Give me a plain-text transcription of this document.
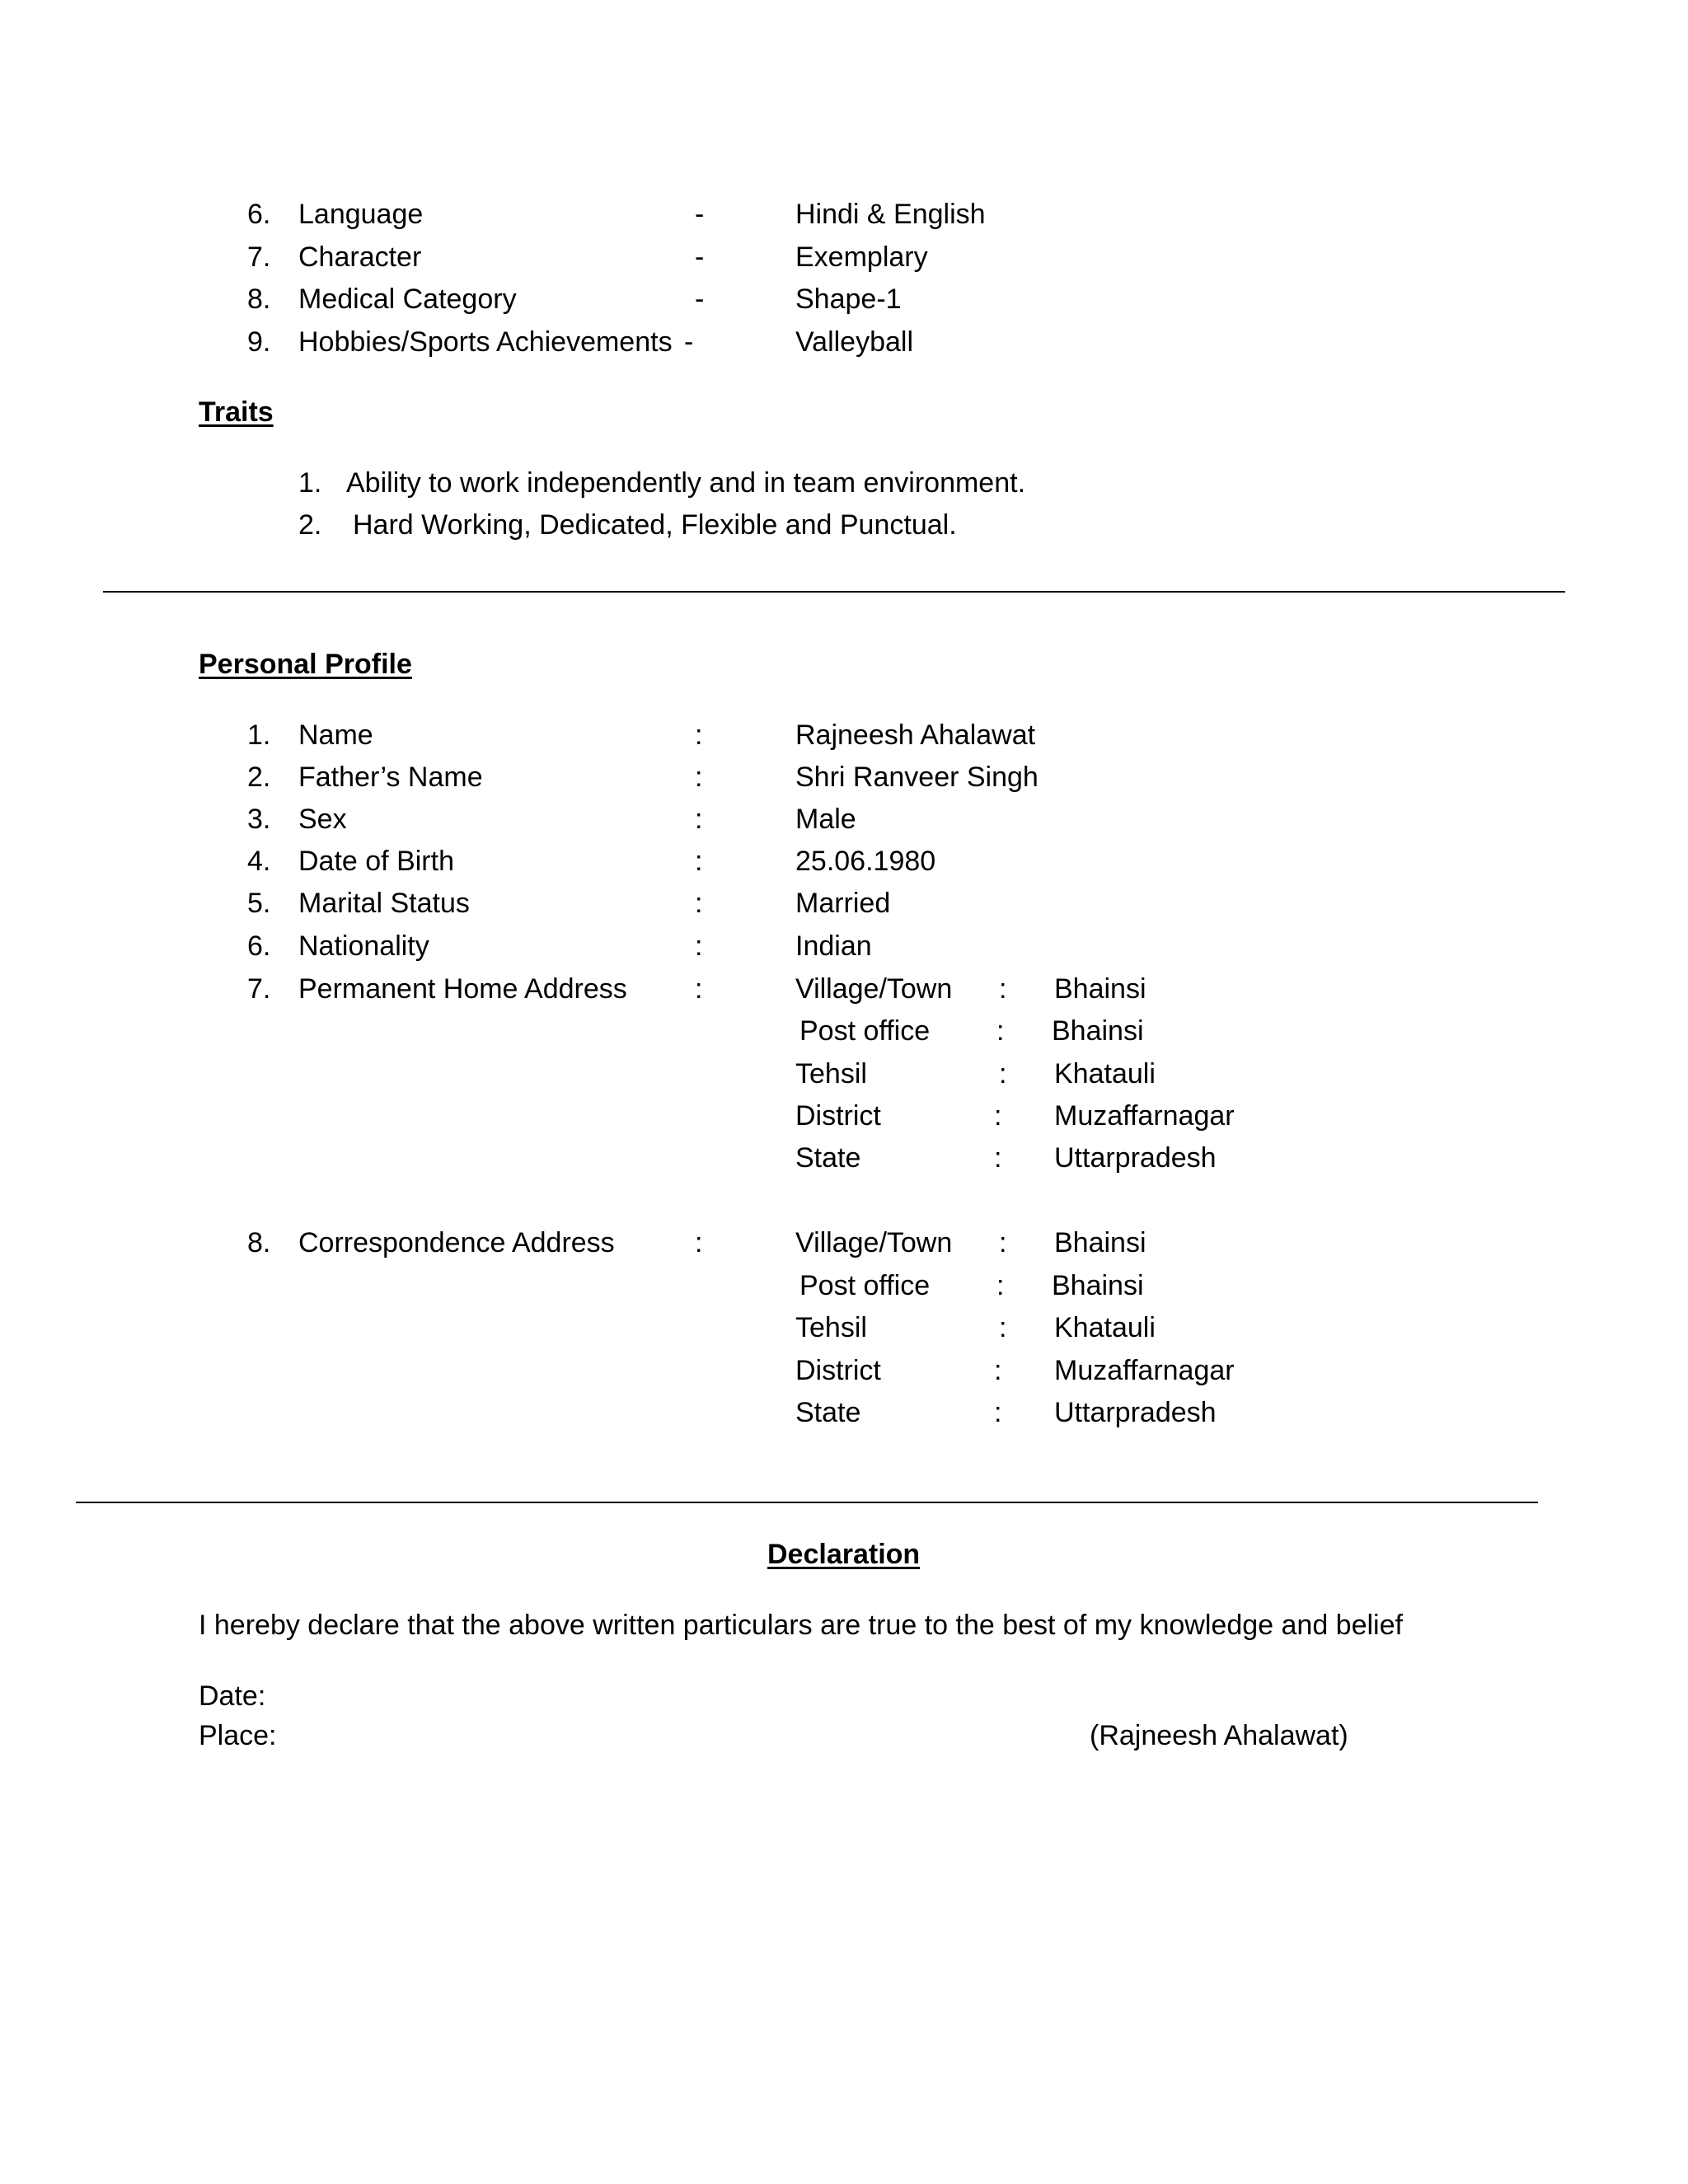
6. Language	-	Hindi & English
7. Character	-	Exemplary
8. Medical Category	-	Shape-1
9. Hobbies/Sports Achievements -	Valleyball
Traits
1. Ability to work independently and in team environment.
2. Hard Working, Dedicated, Flexible and Punctual.
Personal Profile
1. Name	:	Rajneesh Ahalawat
2. Father’s Name	:	Shri Ranveer Singh
3. Sex	:	Male
4. Date of Birth	:	25.06.1980
5. Marital Status	:	Married
6. Nationality	:	Indian
7. Permanent Home Address :	Village/Town : Bhainsi
Post office : Bhainsi
Tehsil	: Khatauli
District	: Muzaffarnagar
State	: Uttarpradesh
8. Correspondence Address	:	Village/Town : Bhainsi
Post office : Bhainsi
Tehsil	: Khatauli
District	: Muzaffarnagar
State	: Uttarpradesh
Declaration
I hereby declare that the above written particulars are true to the best of my knowledge and belief
Date:
Place:	(Rajneesh Ahalawat)
